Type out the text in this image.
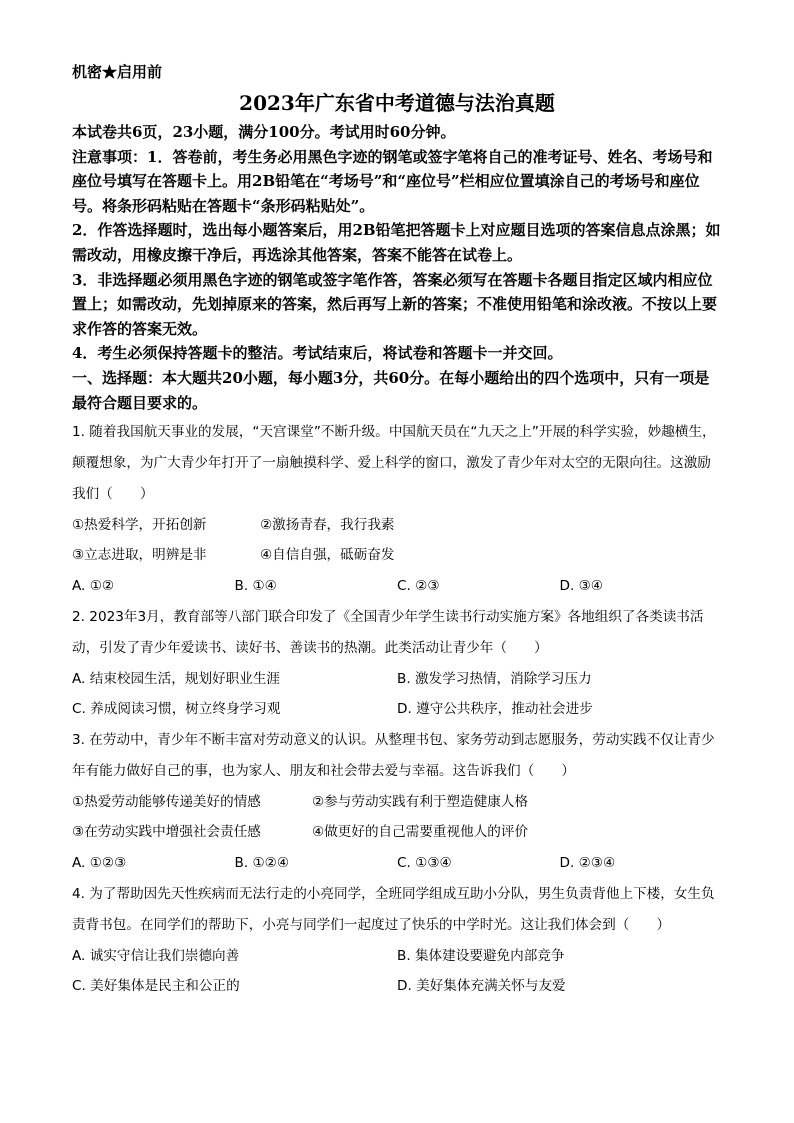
机密★启用前
2023年广东省中考道德与法治真题

本试卷共6页，23小题，满分100分。考试用时60分钟。

注意事项：1．答卷前，考生务必用黑色字迹的钢笔或签字笔将自己的准考证号、姓名、考场号和座位号填写在答题卡上。用2B铅笔在“考场号”和“座位号”栏相应位置填涂自己的考场号和座位号。将条形码粘贴在答题卡“条形码粘贴处”。

2．作答选择题时，选出每小题答案后，用2B铅笔把答题卡上对应题目选项的答案信息点涂黑；如需改动，用橡皮擦干净后，再选涂其他答案，答案不能答在试卷上。

3．非选择题必须用黑色字迹的钢笔或签字笔作答，答案必须写在答题卡各题目指定区域内相应位置上；如需改动，先划掉原来的答案，然后再写上新的答案；不准使用铅笔和涂改液。不按以上要求作答的答案无效。

4．考生必须保持答题卡的整洁。考试结束后，将试卷和答题卡一并交回。

一、选择题：本大题共20小题，每小题3分，共60分。在每小题给出的四个选项中，只有一项是最符合题目要求的。

1. 随着我国航天事业的发展，“天宫课堂”不断升级。中国航天员在“九天之上”开展的科学实验，妙趣横生，颠覆想象，为广大青少年打开了一扇触摸科学、爱上科学的窗口，激发了青少年对太空的无限向往。这激励我们（　　）

①热爱科学，开拓创新	②激扬青春，我行我素
③立志进取，明辨是非	④自信自强，砥砺奋发
A. ①②	B. ①④	C. ②③	D. ③④

2. 2023年3月，教育部等八部门联合印发了《全国青少年学生读书行动实施方案》各地组织了各类读书活动，引发了青少年爱读书、读好书、善读书的热潮。此类活动让青少年（　　）

A. 结束校园生活，规划好职业生涯	B. 激发学习热情，消除学习压力
C. 养成阅读习惯，树立终身学习观	D. 遵守公共秩序，推动社会进步

3. 在劳动中，青少年不断丰富对劳动意义的认识。从整理书包、家务劳动到志愿服务，劳动实践不仅让青少年有能力做好自己的事，也为家人、朋友和社会带去爱与幸福。这告诉我们（　　）

①热爱劳动能够传递美好的情感	②参与劳动实践有利于塑造健康人格
③在劳动实践中增强社会责任感	④做更好的自己需要重视他人的评价
A. ①②③	B. ①②④	C. ①③④	D. ②③④

4. 为了帮助因先天性疾病而无法行走的小亮同学，全班同学组成互助小分队，男生负责背他上下楼，女生负责背书包。在同学们的帮助下，小亮与同学们一起度过了快乐的中学时光。这让我们体会到（　　）

A. 诚实守信让我们崇德向善	B. 集体建设要避免内部竞争
C. 美好集体是民主和公正的	D. 美好集体充满关怀与友爱
